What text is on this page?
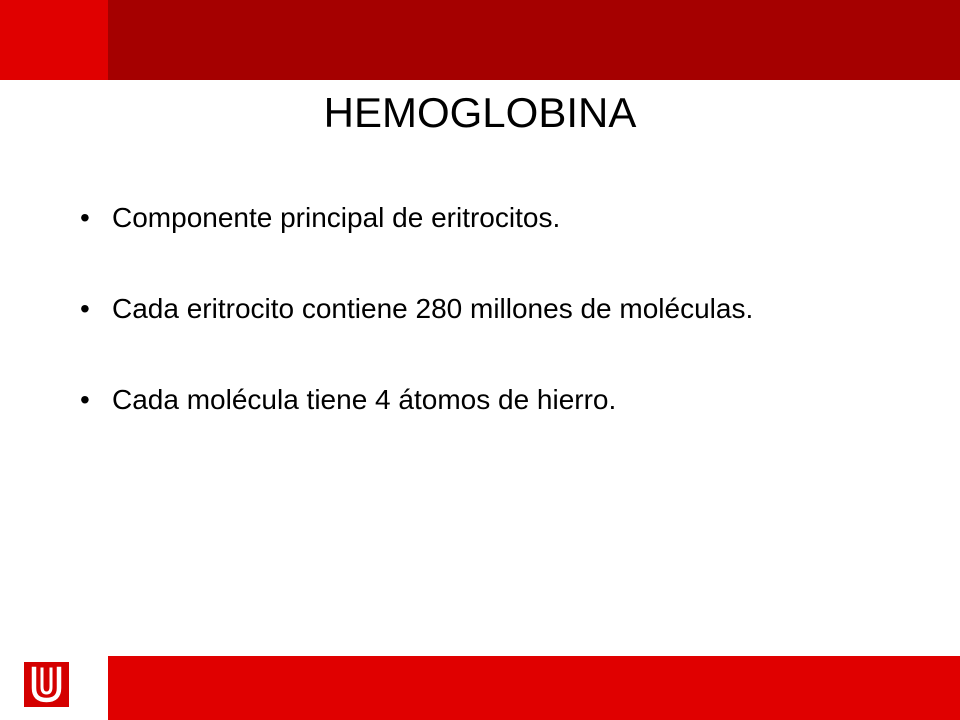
HEMOGLOBINA
• Componente principal de eritrocitos.
• Cada eritrocito contiene 280 millones de moléculas.
• Cada molécula tiene 4 átomos de hierro.
